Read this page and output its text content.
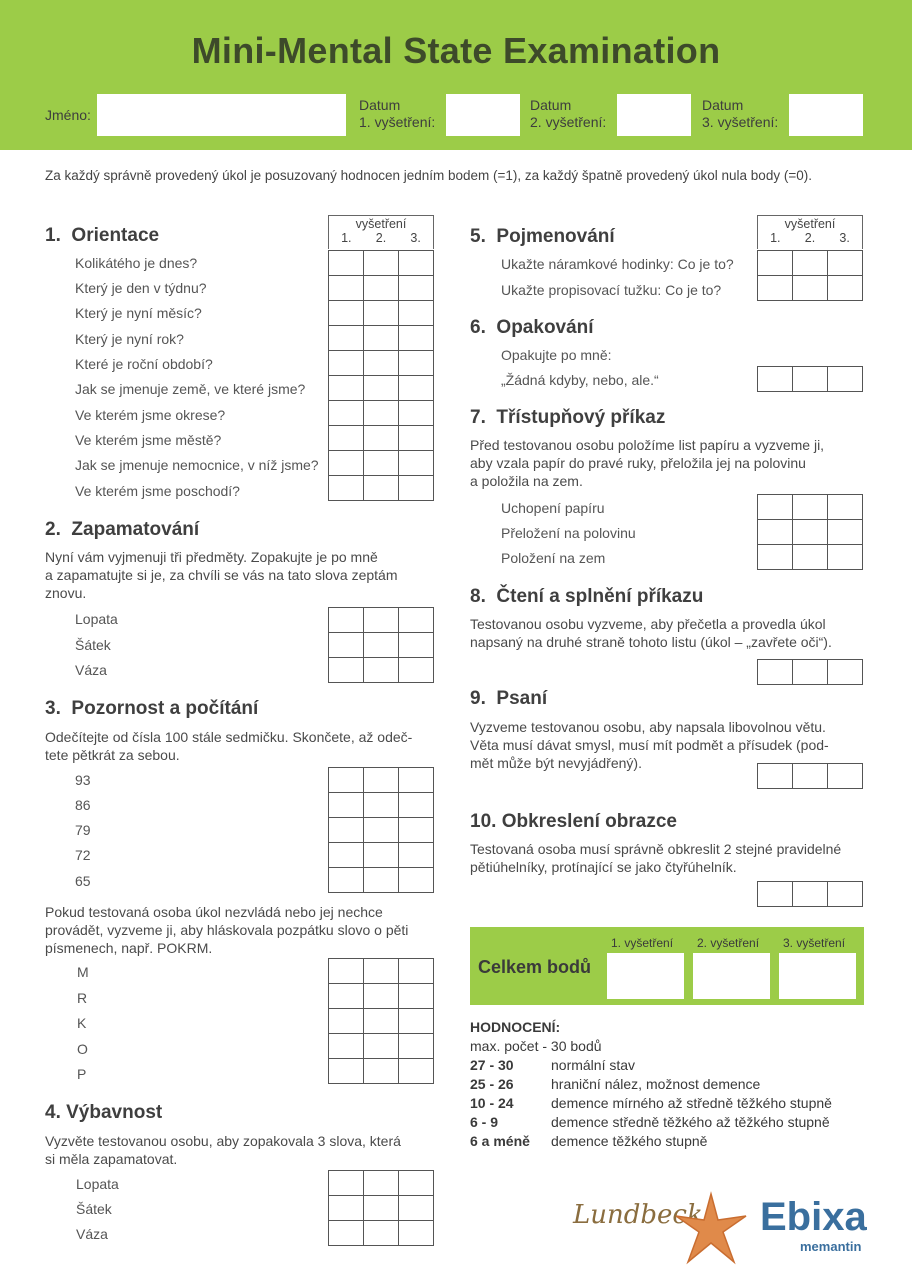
Mini-Mental State Examination
Jméno:
Datum
1. vyšetření:
Datum
2. vyšetření:
Datum
3. vyšetření:
Za každý správně provedený úkol je posuzovaný hodnocen jedním bodem (=1), za každý špatně provedený úkol nula body (=0).
vyšetření
1. 2. 3.
1. Orientace
Kolikátého je dnes?
Který je den v týdnu?
Který je nyní měsíc?
Který je nyní rok?
Které je roční období?
Jak se jmenuje země, ve které jsme?
Ve kterém jsme okrese?
Ve kterém jsme městě?
Jak se jmenuje nemocnice, v níž jsme?
Ve kterém jsme poschodí?

2. Zapamatování
Nyní vám vyjmenuji tři předměty. Zopakujte je po mně
a zapamatujte si je, za chvíli se vás na tato slova zeptám
znovu.
Lopata
Šátek
Váza

3. Pozornost a počítání
Odečítejte od čísla 100 stále sedmičku. Skončete, až odeč-
tete pětkrát za sebou.
93
86
79
72
65

Pokud testovaná osoba úkol nezvládá nebo jej nechce
provádět, vyzveme ji, aby hláskovala pozpátku slovo o pěti
písmenech, např. POKRM.
M
R
K
O
P

4. Výbavnost
Vyzvěte testovanou osobu, aby zopakovala 3 slova, která
si měla zapamatovat.
Lopata
Šátek
Váza

vyšetření
1. 2. 3.
5. Pojmenování
Ukažte náramkové hodinky: Co je to?
Ukažte propisovací tužku: Co je to?

6. Opakování
Opakujte po mně:
„Žádná kdyby, nebo, ale.“

7. Třístupňový příkaz
Před testovanou osobu položíme list papíru a vyzveme ji,
aby vzala papír do pravé ruky, přeložila jej na polovinu
a položila na zem.
Uchopení papíru
Přeložení na polovinu
Položení na zem

8. Čtení a splnění příkazu
Testovanou osobu vyzveme, aby přečetla a provedla úkol
napsaný na druhé straně tohoto listu (úkol – „zavřete oči“).

9. Psaní
Vyzveme testovanou osobu, aby napsala libovolnou větu.
Věta musí dávat smysl, musí mít podmět a přísudek (pod-
mět může být nevyjádřený).

10. Obkreslení obrazce
Testovaná osoba musí správně obkreslit 2 stejné pravidelné
pětiúhelníky, protínající se jako čtyřúhelník.

Celkem bodů
1. vyšetření 2. vyšetření 3. vyšetření
HODNOCENÍ:
max. počet - 30 bodů
27 - 30	normální stav
25 - 26	hraniční nález, možnost demence
10 - 24	demence mírného až středně těžkého stupně
6 - 9	demence středně těžkého až těžkého stupně
6 a méně demence těžkého stupně
Lundbeck Ebixa
memantin
